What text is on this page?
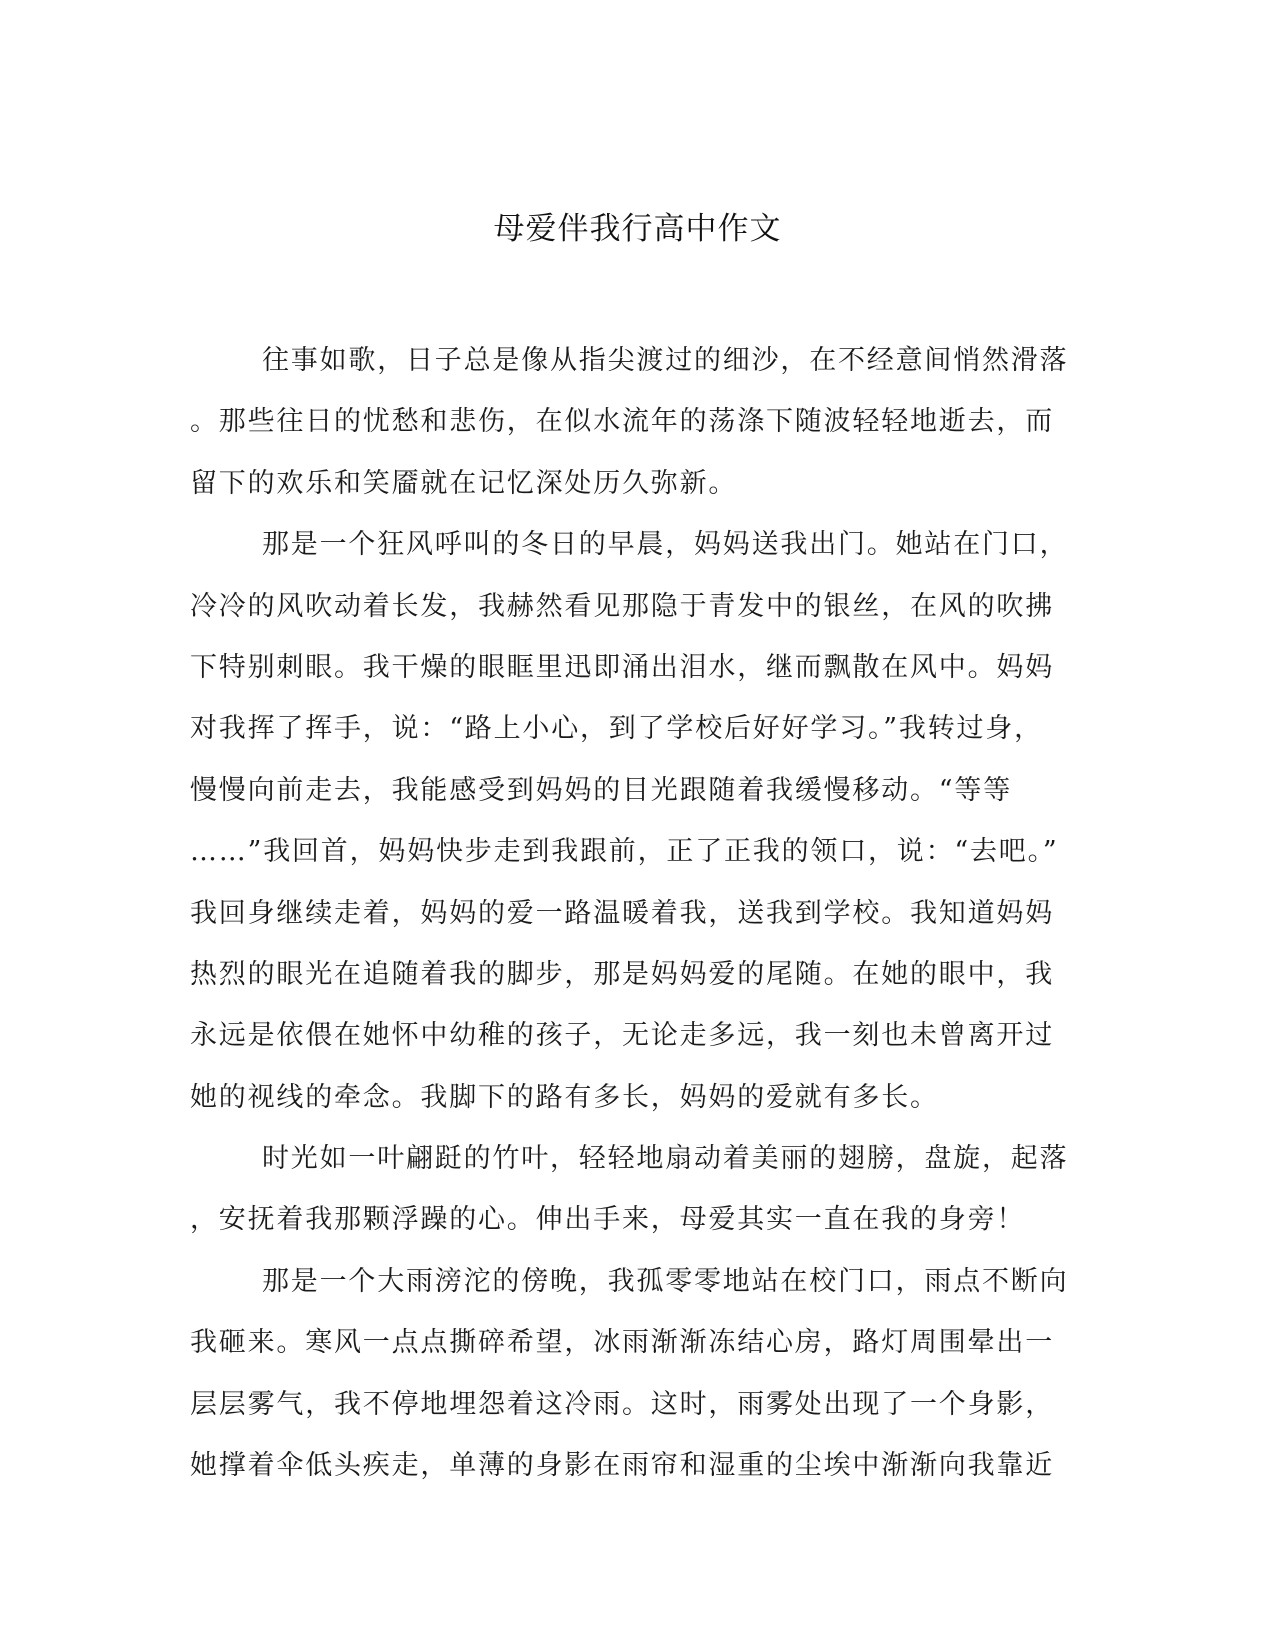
母爱伴我行高中作文
往事如歌，日子总是像从指尖渡过的细沙，在不经意间悄然滑落
。那些往日的忧愁和悲伤，在似水流年的荡涤下随波轻轻地逝去，而
留下的欢乐和笑靥就在记忆深处历久弥新。
那是一个狂风呼叫的冬日的早晨，妈妈送我出门。她站在门口，
冷冷的风吹动着长发，我赫然看见那隐于青发中的银丝，在风的吹拂
下特别刺眼。我干燥的眼眶里迅即涌出泪水，继而飘散在风中。妈妈
对我挥了挥手，说：“路上小心，到了学校后好好学习。”我转过身，
慢慢向前走去，我能感受到妈妈的目光跟随着我缓慢移动。“等等
……”我回首，妈妈快步走到我跟前，正了正我的领口，说：“去吧。”
我回身继续走着，妈妈的爱一路温暖着我，送我到学校。我知道妈妈
热烈的眼光在追随着我的脚步，那是妈妈爱的尾随。在她的眼中，我
永远是依偎在她怀中幼稚的孩子，无论走多远，我一刻也未曾离开过
她的视线的牵念。我脚下的路有多长，妈妈的爱就有多长。
时光如一叶翩跹的竹叶，轻轻地扇动着美丽的翅膀，盘旋，起落
，安抚着我那颗浮躁的心。伸出手来，母爱其实一直在我的身旁！
那是一个大雨滂沱的傍晚，我孤零零地站在校门口，雨点不断向
我砸来。寒风一点点撕碎希望，冰雨渐渐冻结心房，路灯周围晕出一
层层雾气，我不停地埋怨着这冷雨。这时，雨雾处出现了一个身影，
她撑着伞低头疾走，单薄的身影在雨帘和湿重的尘埃中渐渐向我靠近
